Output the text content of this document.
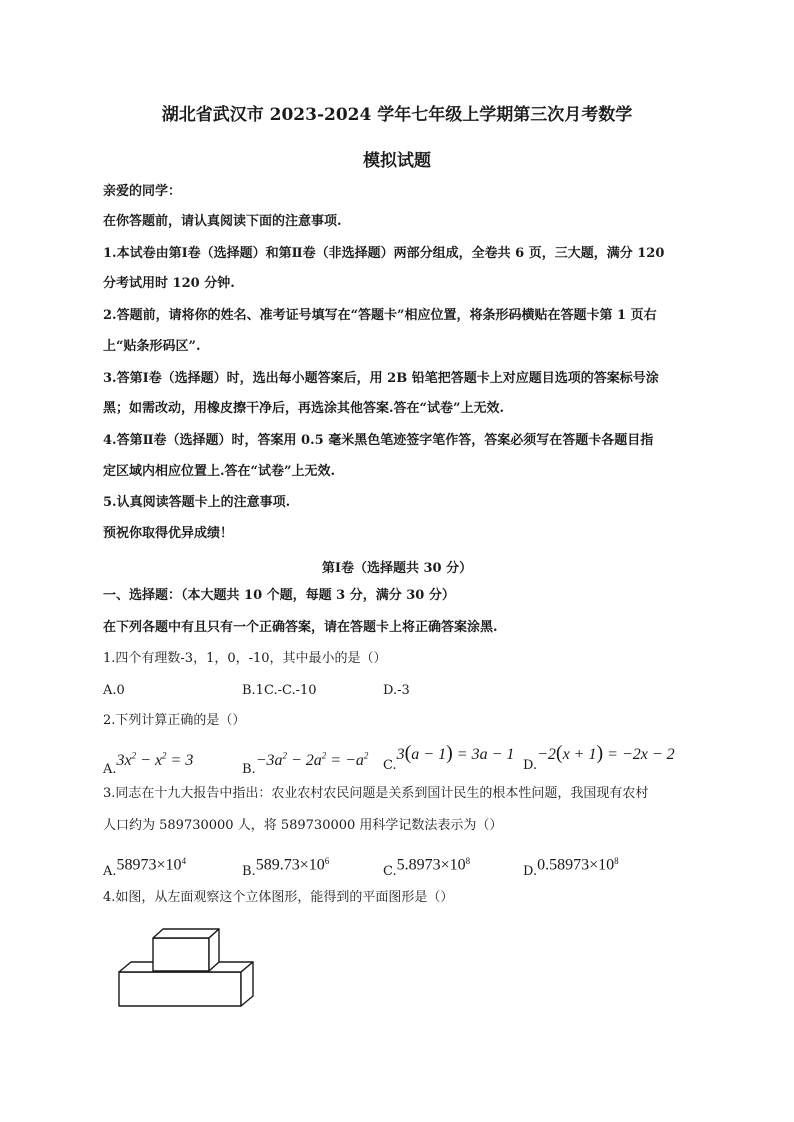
湖北省武汉市 2023-2024 学年七年级上学期第三次月考数学
模拟试题
亲爱的同学：
在你答题前，请认真阅读下面的注意事项.
1.本试卷由第Ⅰ卷（选择题）和第Ⅱ卷（非选择题）两部分组成，全卷共 6 页，三大题，满分 120
分考试用时 120 分钟.
2.答题前，请将你的姓名、准考证号填写在“答题卡”相应位置，将条形码横贴在答题卡第 1 页右
上“贴条形码区”.
3.答第Ⅰ卷（选择题）时，选出每小题答案后，用 2B 铅笔把答题卡上对应题目选项的答案标号涂
黑；如需改动，用橡皮擦干净后，再选涂其他答案.答在“试卷”上无效.
4.答第Ⅱ卷（选择题）时，答案用 0.5 毫米黑色笔迹签字笔作答，答案必须写在答题卡各题目指
定区域内相应位置上.答在“试卷”上无效.
5.认真阅读答题卡上的注意事项.
预祝你取得优异成绩！
第Ⅰ卷（选择题共 30 分）
一、选择题：（本大题共 10 个题，每题 3 分，满分 30 分）
在下列各题中有且只有一个正确答案，请在答题卡上将正确答案涂黑.
1.四个有理数-3，1，0，-10，其中最小的是（）
A.0	B.1C.-C.-10	D.-3
2.下列计算正确的是（）
$A.3x^2 - x^2 = 3$
$B.-3a^2 - 2a^2 = -a^2$
C.3(a − 1) = 3a − 1
D.−2(x + 1) = −2x − 2
3.同志在十九大报告中指出：农业农村农民问题是关系到国计民生的根本性问题，我国现有农村
人口约为 589730000 人，将 589730000 用科学记数法表示为（）
$A.58973\times 10^4$
$B.589.73\times 10^6$
$C.5.8973\times 10^8$
$D.0.58973\times 10^8$
4.如图，从左面观察这个立体图形，能得到的平面图形是（）
